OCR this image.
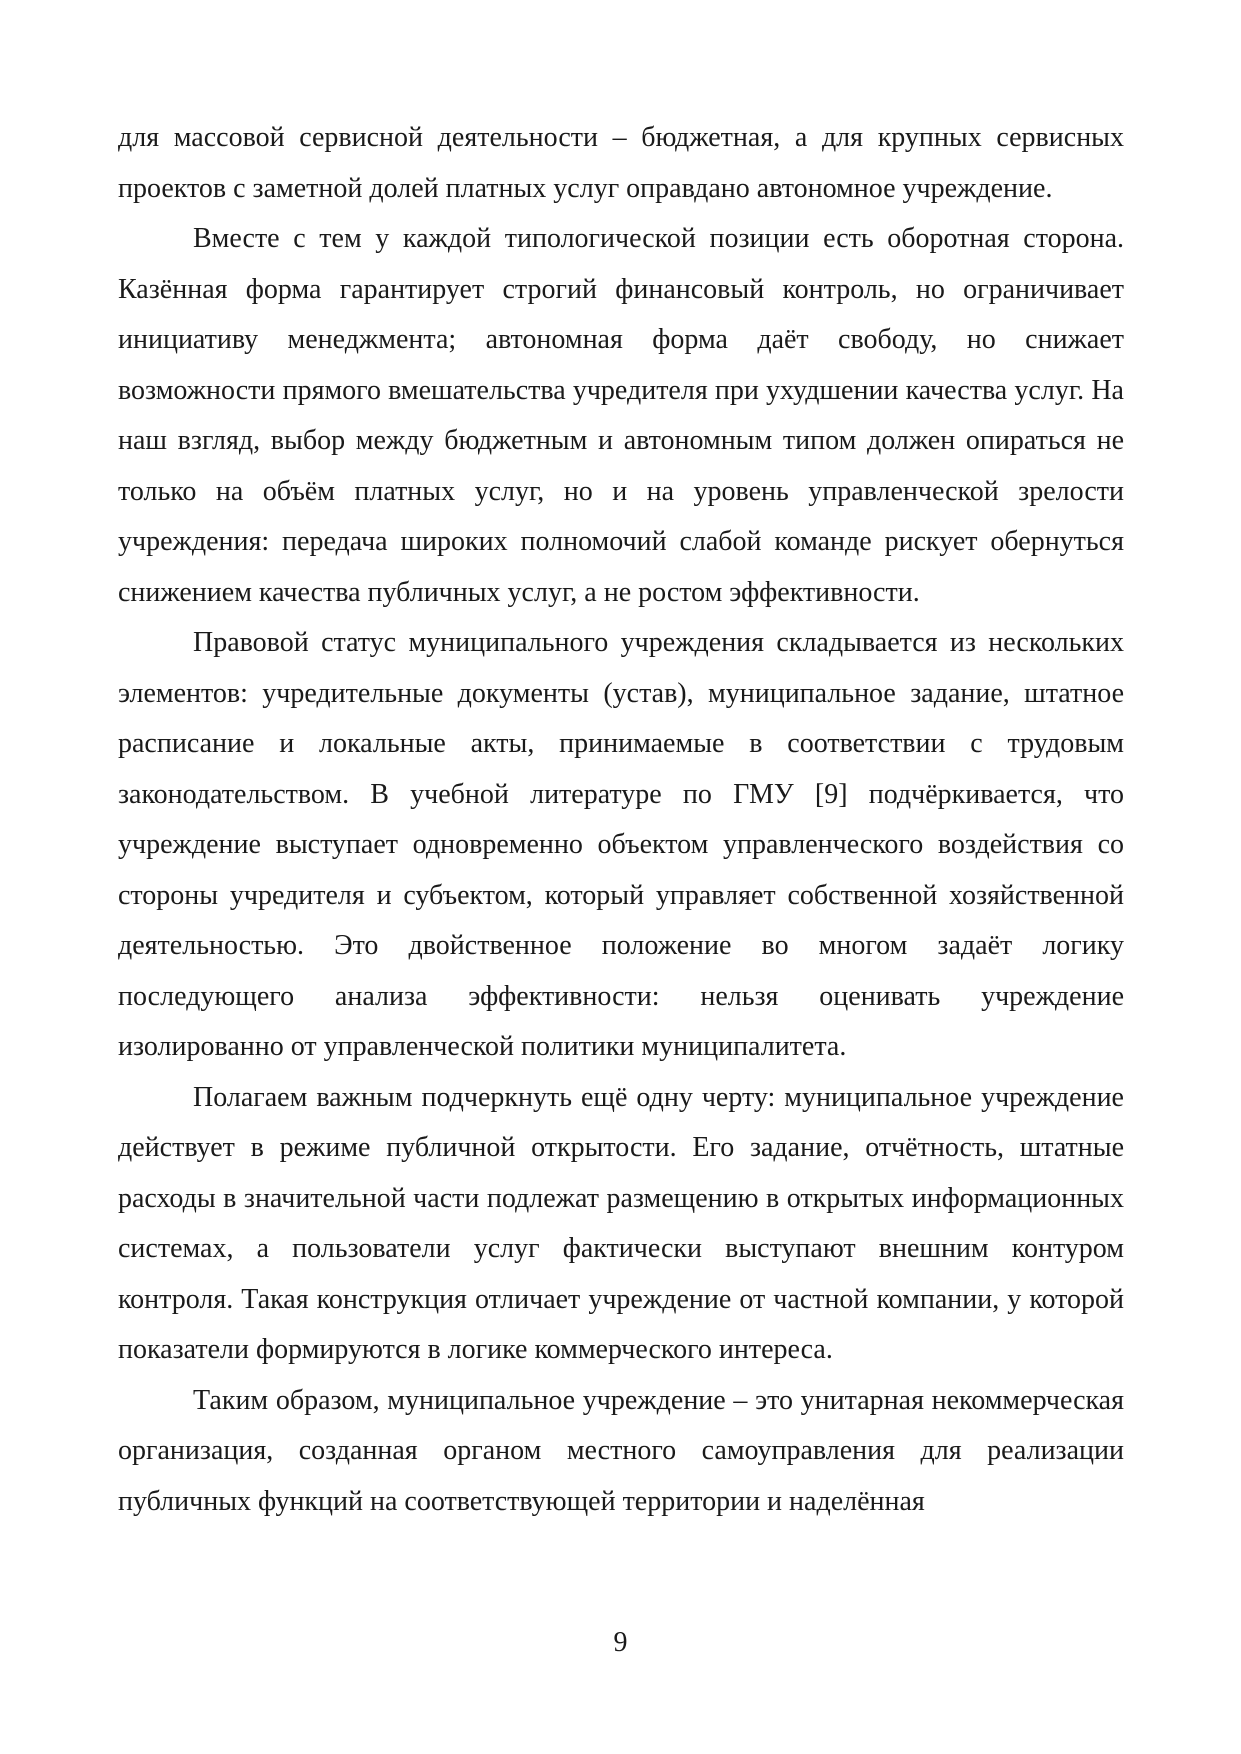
для массовой сервисной деятельности – бюджетная, а для крупных сервисных проектов с заметной долей платных услуг оправдано автономное учреждение.

Вместе с тем у каждой типологической позиции есть оборотная сторона. Казённая форма гарантирует строгий финансовый контроль, но ограничивает инициативу менеджмента; автономная форма даёт свободу, но снижает возможности прямого вмешательства учредителя при ухудшении качества услуг. На наш взгляд, выбор между бюджетным и автономным типом должен опираться не только на объём платных услуг, но и на уровень управленческой зрелости учреждения: передача широких полномочий слабой команде рискует обернуться снижением качества публичных услуг, а не ростом эффективности.

Правовой статус муниципального учреждения складывается из нескольких элементов: учредительные документы (устав), муниципальное задание, штатное расписание и локальные акты, принимаемые в соответствии с трудовым законодательством. В учебной литературе по ГМУ [9] подчёркивается, что учреждение выступает одновременно объектом управленческого воздействия со стороны учредителя и субъектом, который управляет собственной хозяйственной деятельностью. Это двойственное положение во многом задаёт логику последующего анализа эффективности: нельзя оценивать учреждение изолированно от управленческой политики муниципалитета.

Полагаем важным подчеркнуть ещё одну черту: муниципальное учреждение действует в режиме публичной открытости. Его задание, отчётность, штатные расходы в значительной части подлежат размещению в открытых информационных системах, а пользователи услуг фактически выступают внешним контуром контроля. Такая конструкция отличает учреждение от частной компании, у которой показатели формируются в логике коммерческого интереса.

Таким образом, муниципальное учреждение – это унитарная некоммерческая организация, созданная органом местного самоуправления для реализации публичных функций на соответствующей территории и наделённая

9
